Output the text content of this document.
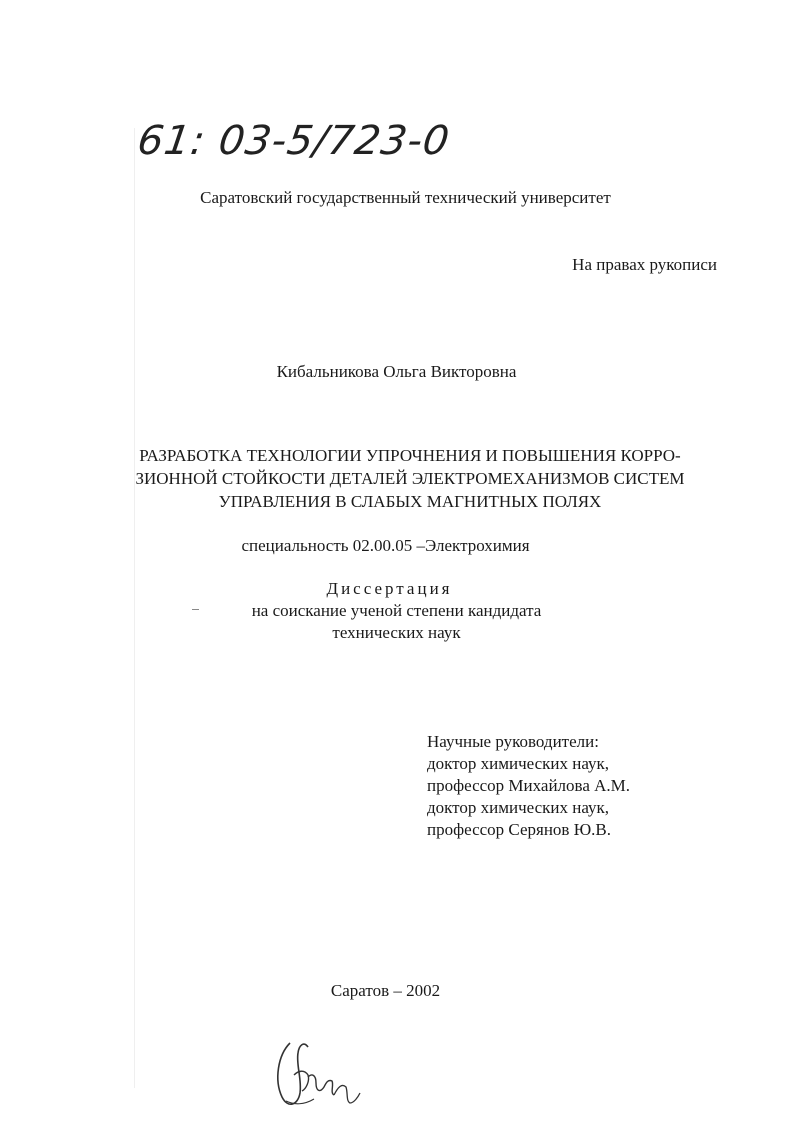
61: 03-5/723-0
Саратовский государственный технический университет
На правах рукописи
Кибальникова Ольга Викторовна
РАЗРАБОТКА ТЕХНОЛОГИИ УПРОЧНЕНИЯ И ПОВЫШЕНИЯ КОРРО-
ЗИОННОЙ СТОЙКОСТИ ДЕТАЛЕЙ ЭЛЕКТРОМЕХАНИЗМОВ СИСТЕМ
УПРАВЛЕНИЯ В СЛАБЫХ МАГНИТНЫХ ПОЛЯХ
специальность 02.00.05 –Электрохимия
Диссертация
на соискание ученой степени кандидата
технических наук
Научные руководители:
доктор химических наук,
профессор Михайлова А.М.
доктор химических наук,
профессор Серянов Ю.В.
Саратов – 2002
